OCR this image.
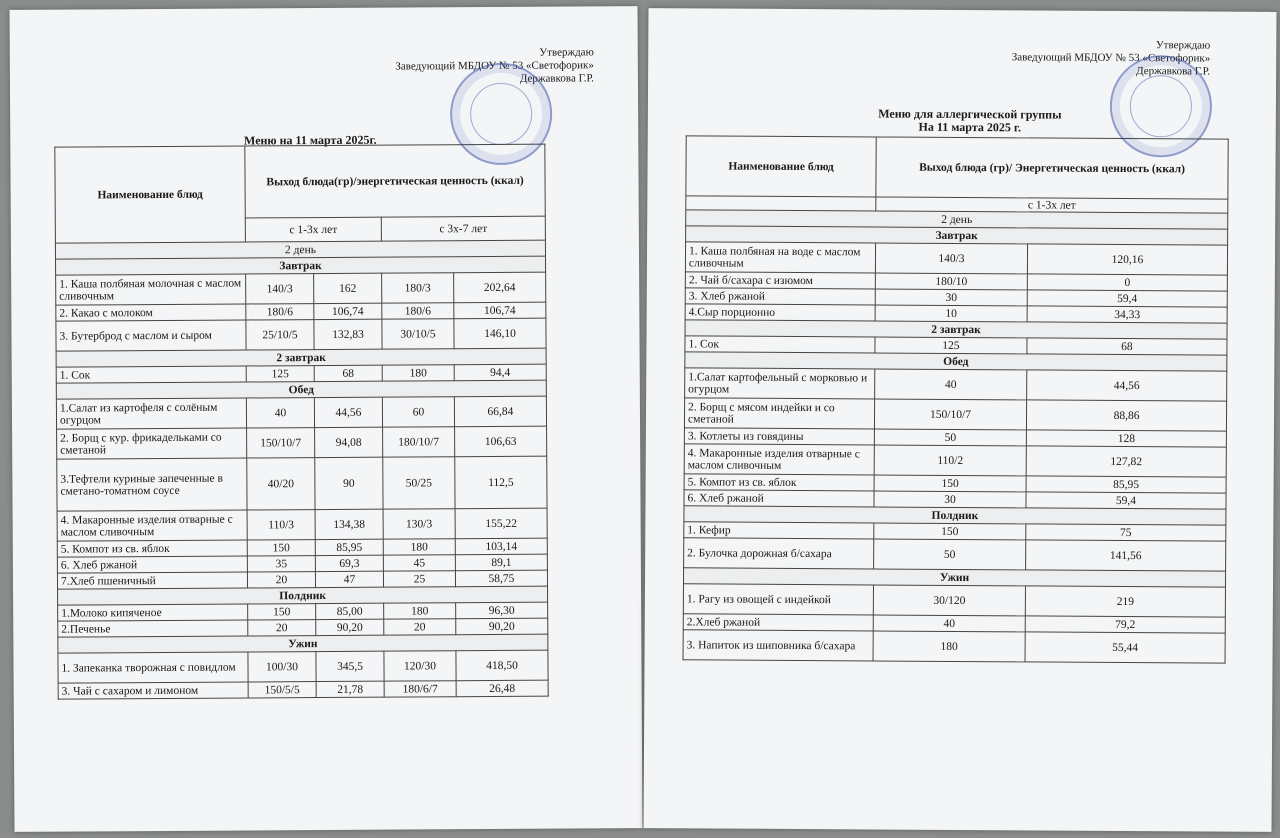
Утверждаю
Заведующий МБДОУ № 53 «Светофорик»
Державкова Г.Р.
Меню на 11 марта 2025г.
Наименование блюд	Выход блюда(гр)/энергетическая ценность (ккал)			
	с 1-3х лет		с 3х-7 лет	
2 день				
Завтрак				
1. Каша полбяная молочная с маслом сливочным	140/3	162	180/3	202,64
2. Какао с молоком	180/6	106,74	180/6	106,74
3. Бутерброд с маслом и сыром	25/10/5	132,83	30/10/5	146,10
2 завтрак				
1. Сок	125	68	180	94,4
Обед				
1.Салат из картофеля с солёным огурцом	40	44,56	60	66,84
2. Борщ с кур. фрикадельками со сметаной	150/10/7	94,08	180/10/7	106,63
3.Тефтели куриные запеченные в сметано-томатном соусе	40/20	90	50/25	112,5
4. Макаронные изделия отварные с маслом сливочным	110/3	134,38	130/3	155,22
5. Компот из св. яблок	150	85,95	180	103,14
6. Хлеб ржаной	35	69,3	45	89,1
7.Хлеб пшеничный	20	47	25	58,75
Полдник				
1.Молоко кипяченое	150	85,00	180	96,30
2.Печенье	20	90,20	20	90,20
Ужин				
1. Запеканка творожная с повидлом	100/30	345,5	120/30	418,50
3. Чай с сахаром и лимоном	150/5/5	21,78	180/6/7	26,48
Утверждаю
Заведующий МБДОУ № 53 «Светофорик»
Державкова Г.Р.
Меню для аллергической группы
На 11 марта 2025 г.
Наименование блюд	Выход блюда (гр)/ Энергетическая ценность (ккал)	
	с 1-3х лет	
2 день		
Завтрак		
1. Каша полбяная на воде с маслом сливочным	140/3	120,16
2. Чай б/сахара с изюмом	180/10	0
3. Хлеб ржаной	30	59,4
4.Сыр порционно	10	34,33
2 завтрак		
1. Сок	125	68
Обед		
1.Салат картофельный с морковью и огурцом	40	44,56
2. Борщ с мясом индейки и со сметаной	150/10/7	88,86
3. Котлеты из говядины	50	128
4. Макаронные изделия отварные с маслом сливочным	110/2	127,82
5. Компот из св. яблок	150	85,95
6. Хлеб ржаной	30	59,4
Полдник		
1. Кефир	150	75
2. Булочка дорожная б/сахара	50	141,56
Ужин		
1. Рагу из овощей с индейкой	30/120	219
2.Хлеб ржаной	40	79,2
3. Напиток из шиповника б/сахара	180	55,44
